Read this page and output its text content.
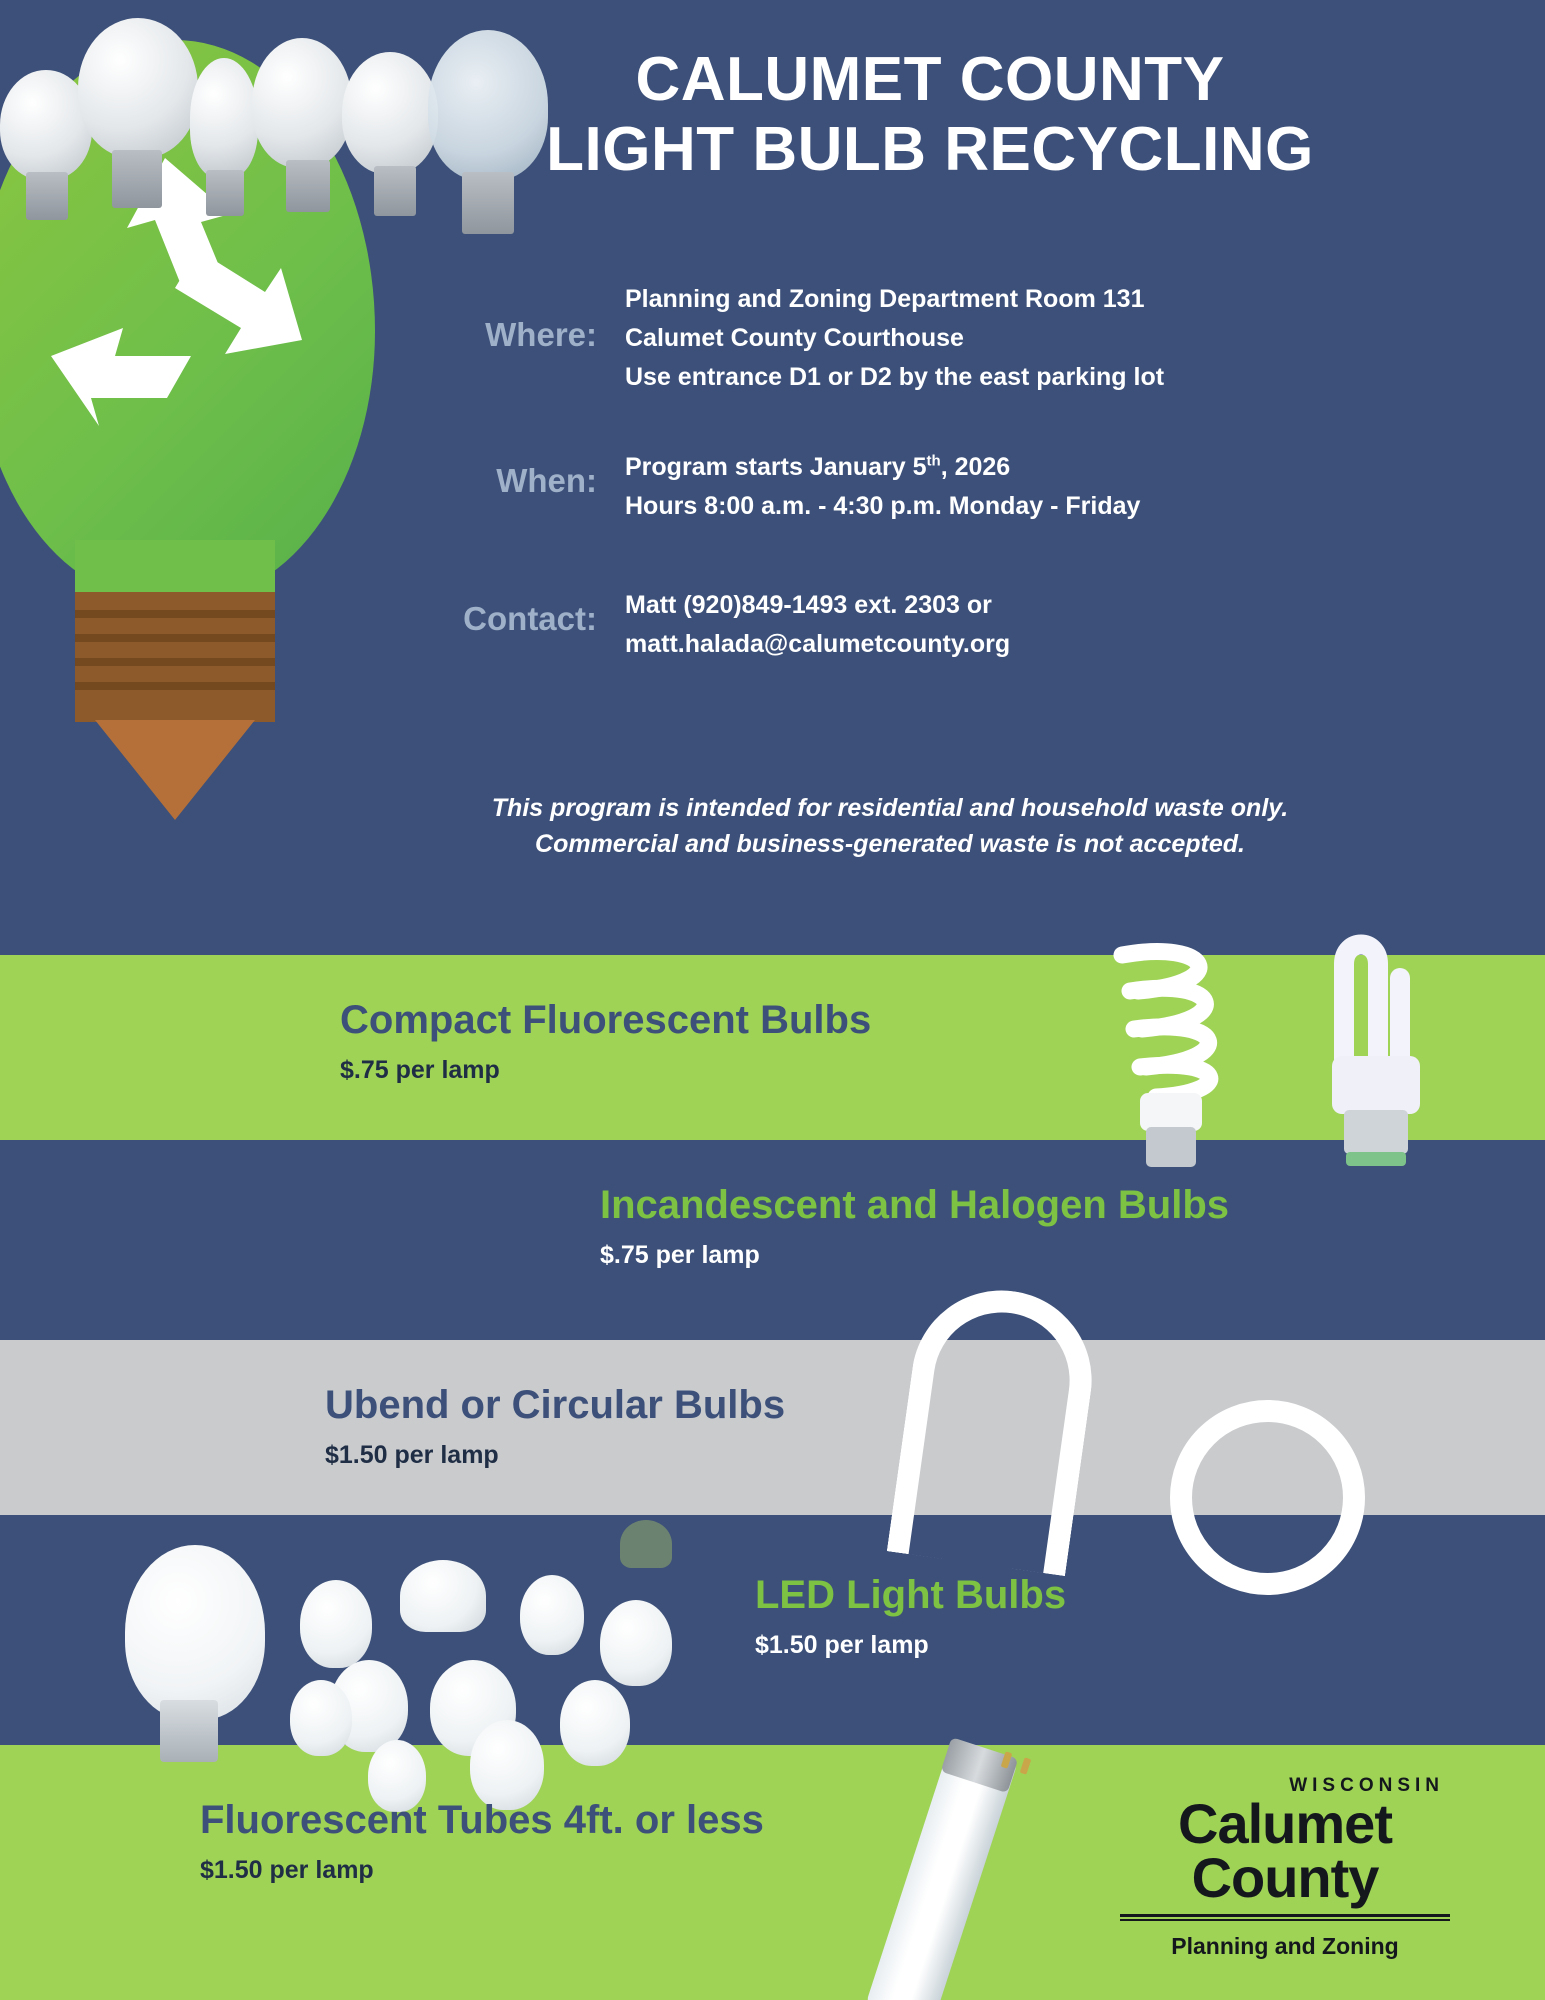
CALUMET COUNTY
LIGHT BULB RECYCLING
Where:
Planning and Zoning Department Room 131
Calumet County Courthouse
Use entrance D1 or D2 by the east parking lot
When:	Program starts January 5th, 2026
Hours 8:00 a.m. - 4:30 p.m. Monday - Friday
Contact:	Matt (920)849-1493 ext. 2303 or
matt.halada@calumetcounty.org
This program is intended for residential and household waste only.
Commercial and business-generated waste is not accepted.
Compact Fluorescent Bulbs
$.75 per lamp
Incandescent and Halogen Bulbs
$.75 per lamp
Ubend or Circular Bulbs
$1.50 per lamp
LED Light Bulbs
$1.50 per lamp
Fluorescent Tubes 4ft. or less
$1.50 per lamp
WISCONSIN
Calumet
County
Planning and Zoning
